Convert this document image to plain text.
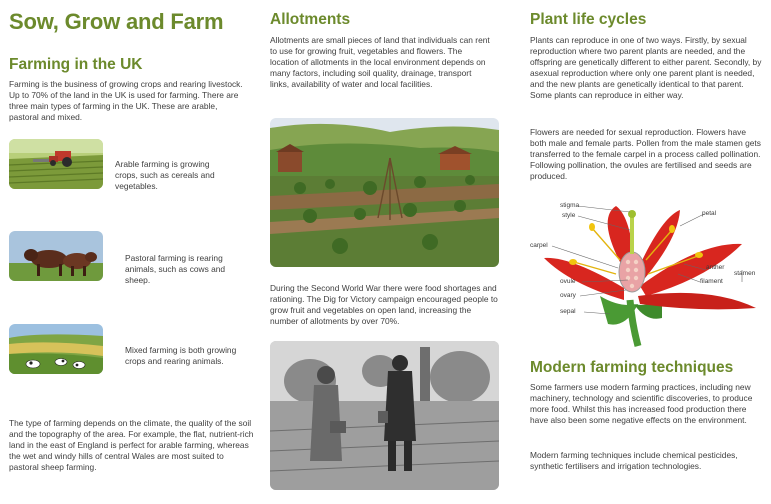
Sow, Grow and Farm
Farming in the UK

Farming is the business of growing crops and rearing livestock. Up to 70% of the land in the UK is used for farming. There are three main types of farming in the UK. These are arable, pastoral and mixed.

Arable farming is growing crops, such as cereals and vegetables.

Pastoral farming is rearing animals, such as cows and sheep.

Mixed farming is both growing crops and rearing animals.

The type of farming depends on the climate, the quality of the soil and the topography of the area. For example, the flat, nutrient-rich land in the east of England is perfect for arable farming, whereas the wet and windy hills of central Wales are most suited to pastoral sheep farming.

Allotments

Allotments are small pieces of land that individuals can rent to use for growing fruit, vegetables and flowers. The location of allotments in the local environment depends on many factors, including soil quality, drainage, transport links, availability of water and local facilities.

During the Second World War there were food shortages and rationing. The Dig for Victory campaign encouraged people to grow fruit and vegetables on open land, increasing the number of allotments by over 70%.

Plant life cycles

Plants can reproduce in one of two ways. Firstly, by sexual reproduction where two parent plants are needed, and the offspring are genetically different to either parent. Secondly, by asexual reproduction where only one parent plant is needed, and the new plants are genetically identical to that parent. Some plants can reproduce in either way.

Flowers are needed for sexual reproduction. Flowers have both male and female parts. Pollen from the male stamen gets transferred to the female carpel in a process called pollination. Following pollination, the ovules are fertilised and seeds are produced.

stigma
style
carpel
ovule
ovary
sepal
petal
anther
filament
stamen
Modern farming techniques

Some farmers use modern farming practices, including new machinery, technology and scientific discoveries, to produce more food. Whilst this has increased food production there have also been some negative effects on the environment.

Modern farming techniques include chemical pesticides, synthetic fertilisers and irrigation technologies.
